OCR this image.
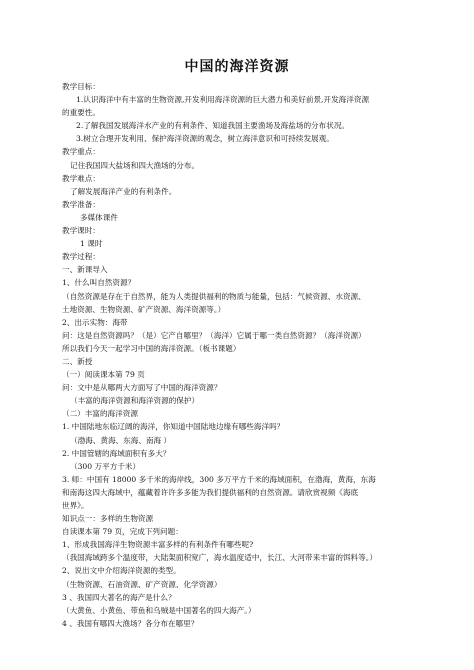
中国的海洋资源

教学目标：

1.认识海洋中有丰富的生物资源,开发利用海洋资源的巨大潜力和美好前景,开发海洋资源

的重要性。

2.了解我国发展海洋水产业的有利条件、知道我国主要渔场及海盐场的分布状况。

3.树立合理开发利用、保护海洋资源的观念，树立海洋意识和可持续发展观。

教学重点：

记住我国四大盐场和四大渔场的分布。

教学难点：

了解发展海洋产业的有利条件。

教学准备：

多媒体课件

教学课时：

1 课时

教学过程：

一、新课导入

1、什么叫自然资源？

（自然资源是存在于自然界，能为人类提供福利的物质与能量，包括：气候资源、水资源、

土地资源、生物资源、矿产资源、海洋资源等。）

2、出示实物：海带

问：这是自然资源吗？（是）它产自哪里？（海洋）它属于哪一类自然资源？（海洋资源）

所以我们今天一起学习中国的海洋资源。（板书课题）

二、新授

（一）阅读课本第 79 页

问：文中是从哪两大方面写了中国的海洋资源？

（丰富的海洋资源和海洋资源的保护）

（二）丰富的海洋资源

1. 中国陆地东临辽阔的海洋，你知道中国陆地边缘有哪些海洋吗？

（渤海、黄海、东海、南海 ）

2. 中国管辖的海域面积有多大？

（300 万平方千米）

3. 师：中国有 18000 多千米的海岸线，300 多万平方千米的海域面积，在渤海，黄海，东海

和南海这四大海域中，蕴藏着许许多多能为我们提供福利的自然资源。请欣赏视频《海底

世界》。

知识点一：多样的生物资源

自读课本第 79 页，完成下列问题：

1、形成我国海洋生物资源丰富多样的有利条件有哪些呢?

（我国海域跨多个温度带，大陆架面积宽广，海水温度适中，长江、大河带来丰富的饵料等。）

2、说出文中介绍海洋资源的类型。

（生物资源、石油资源、矿产资源、化学资源）

3 、我国四大著名的海产是什么？

（大黄鱼、小黄鱼、带鱼和乌贼是中国著名的四大海产。）

4 、我国有哪四大渔场？各分布在哪里？
